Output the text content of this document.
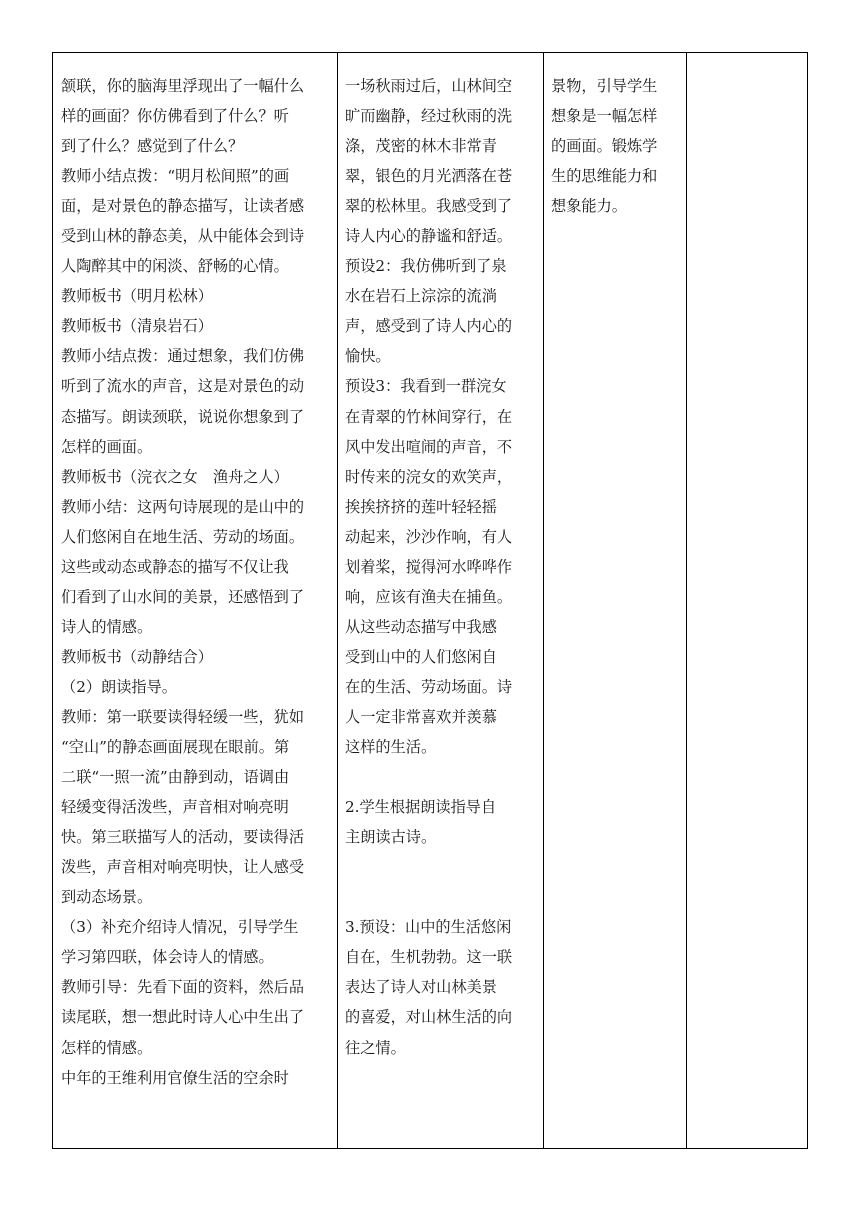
颔联，你的脑海里浮现出了一幅什么
样的画面？你仿佛看到了什么？听
到了什么？感觉到了什么？
教师小结点拨：“明月松间照”的画
面，是对景色的静态描写，让读者感
受到山林的静态美，从中能体会到诗
人陶醉其中的闲淡、舒畅的心情。
教师板书（明月松林）
教师板书（清泉岩石）
教师小结点拨：通过想象，我们仿佛
听到了流水的声音，这是对景色的动
态描写。朗读颈联，说说你想象到了
怎样的画面。
教师板书（浣衣之女　渔舟之人）
教师小结：这两句诗展现的是山中的
人们悠闲自在地生活、劳动的场面。
这些或动态或静态的描写不仅让我
们看到了山水间的美景，还感悟到了
诗人的情感。
教师板书（动静结合）
（2）朗读指导。
教师：第一联要读得轻缓一些，犹如
“空山”的静态画面展现在眼前。第
二联“一照一流”由静到动，语调由
轻缓变得活泼些，声音相对响亮明
快。第三联描写人的活动，要读得活
泼些，声音相对响亮明快，让人感受
到动态场景。
（3）补充介绍诗人情况，引导学生
学习第四联，体会诗人的情感。
教师引导：先看下面的资料，然后品
读尾联，想一想此时诗人心中生出了
怎样的情感。
中年的王维利用官僚生活的空余时
一场秋雨过后，山林间空
旷而幽静，经过秋雨的洗
涤，茂密的林木非常青
翠，银色的月光洒落在苍
翠的松林里。我感受到了
诗人内心的静谧和舒适。
预设2：我仿佛听到了泉
水在岩石上淙淙的流淌
声，感受到了诗人内心的
愉快。
预设3：我看到一群浣女
在青翠的竹林间穿行，在
风中发出喧闹的声音，不
时传来的浣女的欢笑声，
挨挨挤挤的莲叶轻轻摇
动起来，沙沙作响，有人
划着桨，搅得河水哗哗作
响，应该有渔夫在捕鱼。
从这些动态描写中我感
受到山中的人们悠闲自
在的生活、劳动场面。诗
人一定非常喜欢并羡慕
这样的生活。
2.学生根据朗读指导自
主朗读古诗。
3.预设：山中的生活悠闲
自在，生机勃勃。这一联
表达了诗人对山林美景
的喜爱，对山林生活的向
往之情。
景物，引导学生
想象是一幅怎样
的画面。锻炼学
生的思维能力和
想象能力。
